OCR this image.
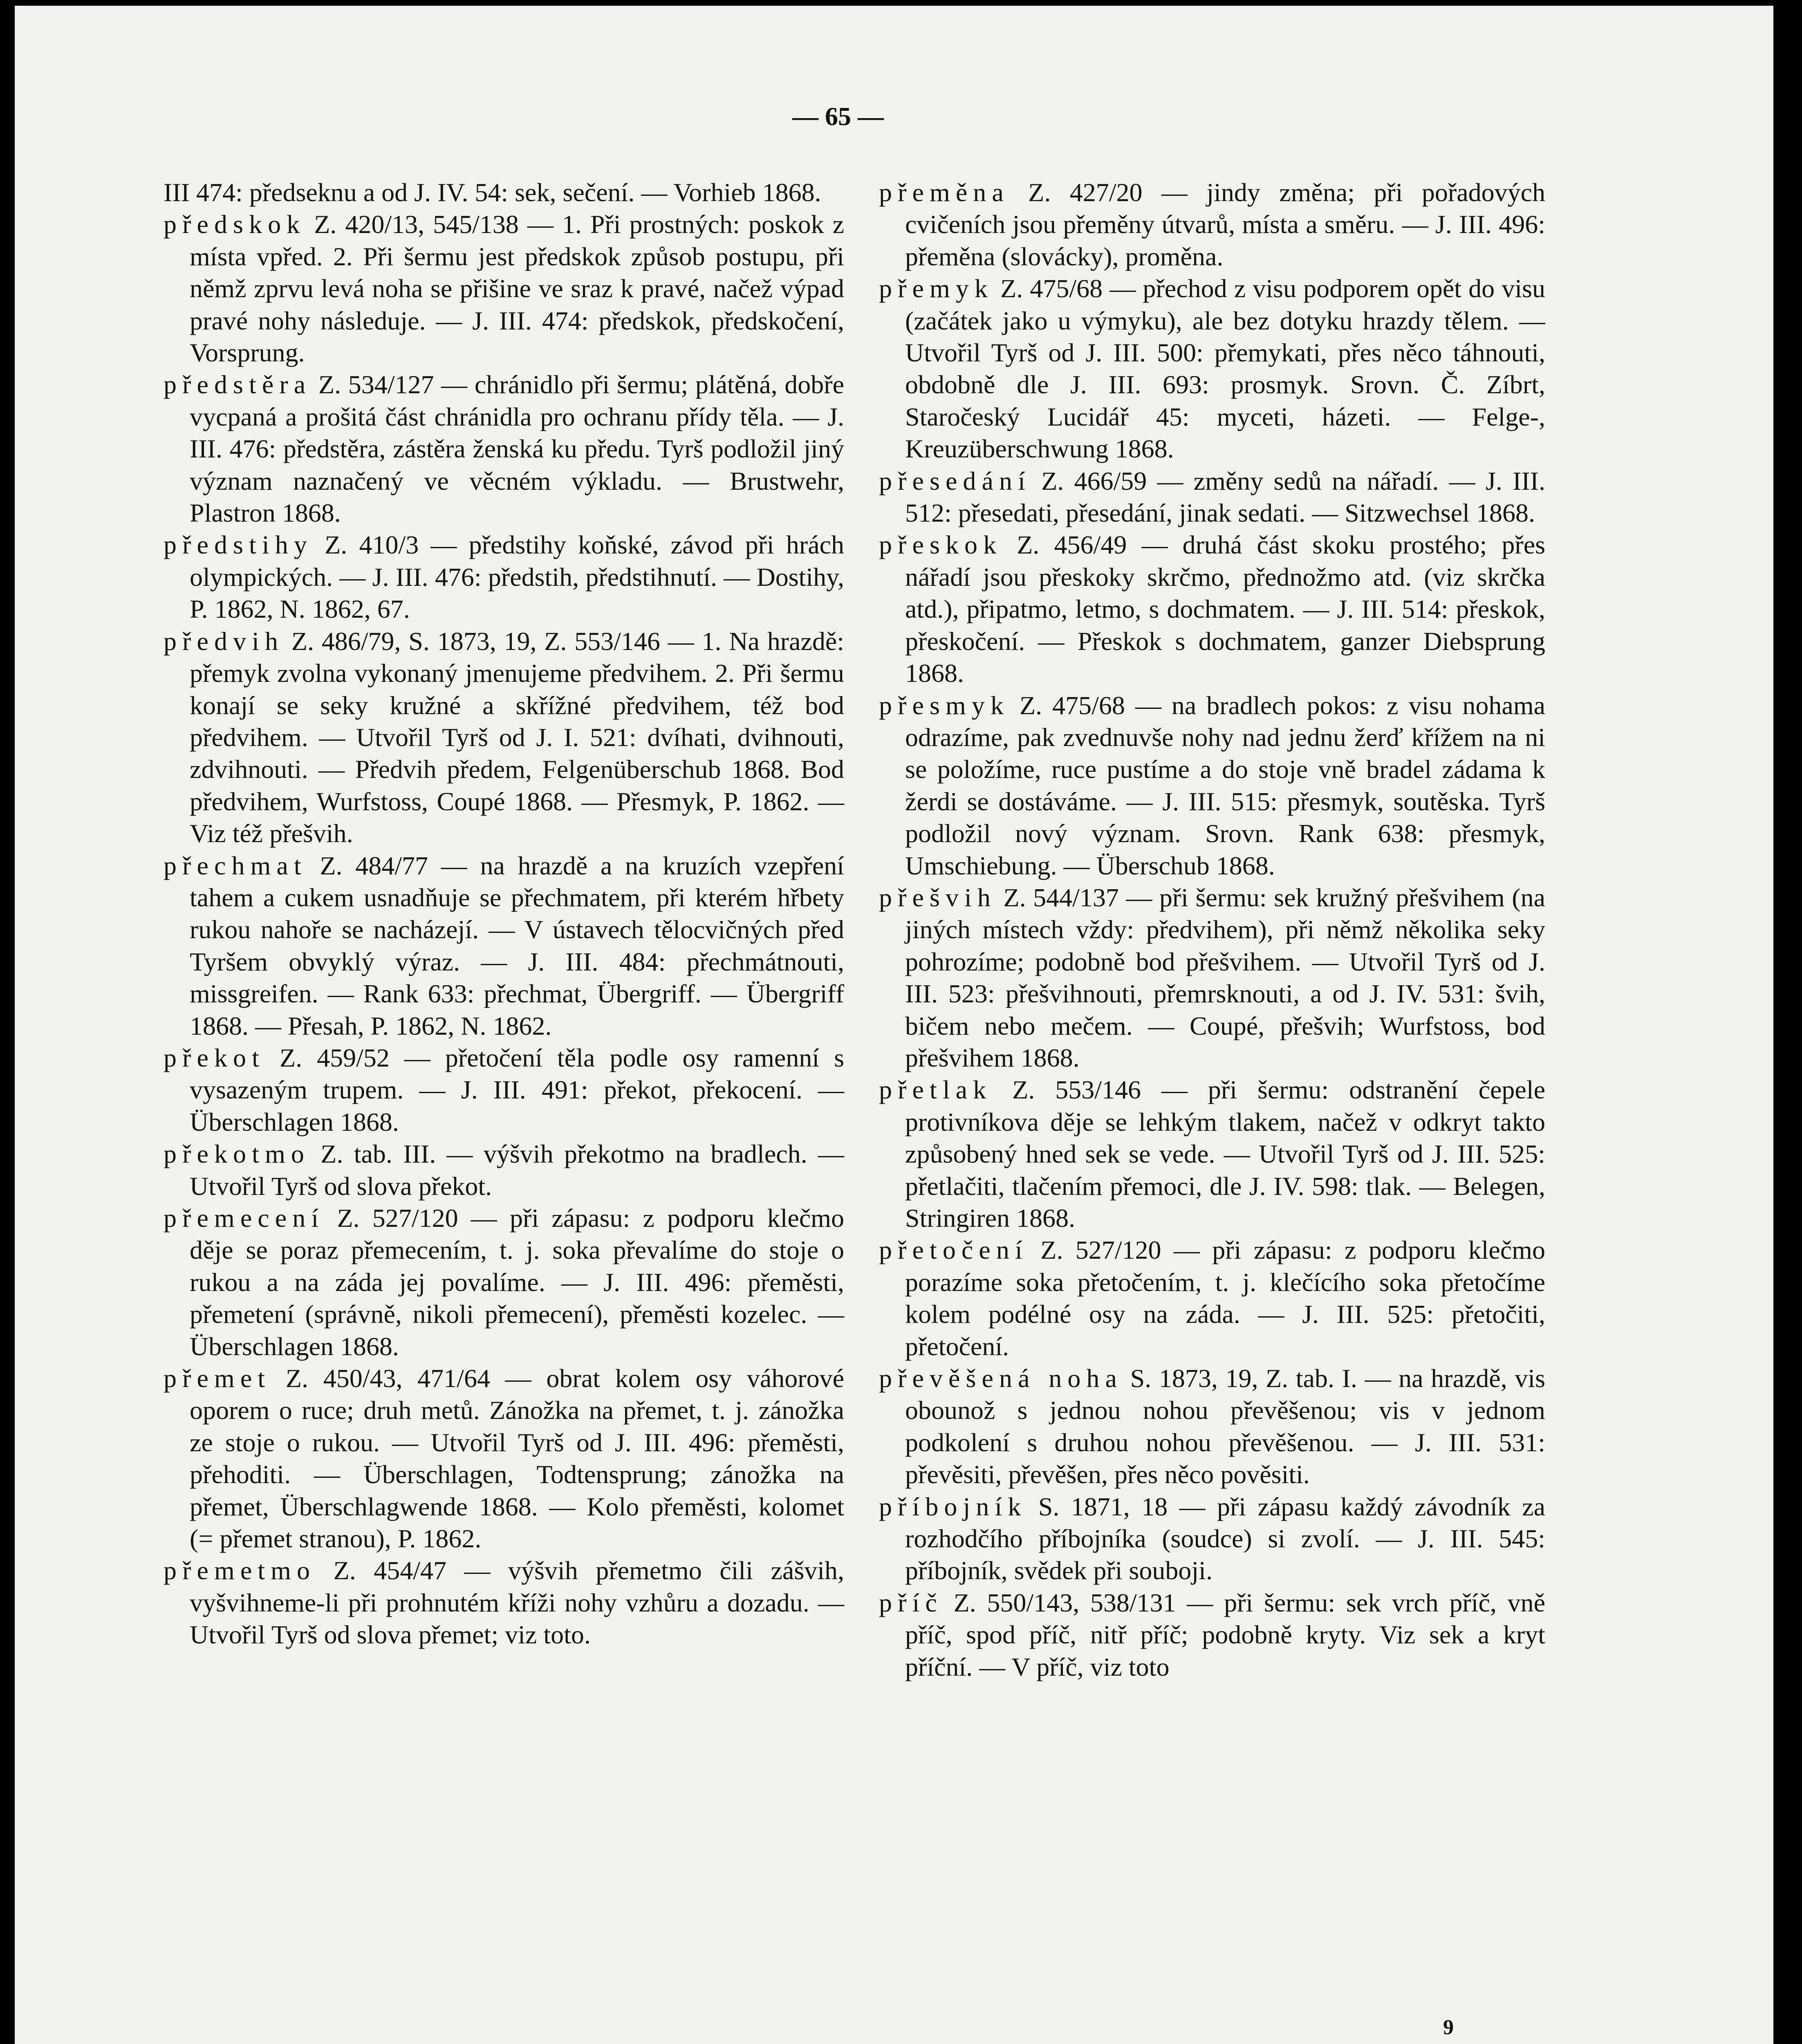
— 65 —

III 474: předseknu a od J. IV. 54: sek, sečení. — Vorhieb 1868.

předskok Z. 420/13, 545/138 — 1. Při prostných: poskok z místa vpřed. 2. Při šermu jest předskok způsob postupu, při němž zprvu levá noha se přišine ve sraz k pravé, načež výpad pravé nohy následuje. — J. III. 474: předskok, předskočení, Vorsprung.

předstěra Z. 534/127 — chránidlo při šermu; plátěná, dobře vycpaná a prošitá část chránidla pro ochranu přídy těla. — J. III. 476: předstěra, zástěra ženská ku předu. Tyrš podložil jiný význam naznačený ve věcném výkladu. — Brustwehr, Plastron 1868.

předstihy Z. 410/3 — předstihy koňské, závod při hrách olympických. — J. III. 476: předstih, předstihnutí. — Dostihy, P. 1862, N. 1862, 67.

předvih Z. 486/79, S. 1873, 19, Z. 553/146 — 1. Na hrazdě: přemyk zvolna vykonaný jmenujeme předvihem. 2. Při šermu konají se seky kružné a skřížné předvihem, též bod předvihem. — Utvořil Tyrš od J. I. 521: dvíhati, dvihnouti, zdvihnouti. — Předvih předem, Felgenüberschub 1868. Bod předvihem, Wurfstoss, Coupé 1868. — Přesmyk, P. 1862. — Viz též přešvih.

přechmat Z. 484/77 — na hrazdě a na kruzích vzepření tahem a cukem usnadňuje se přechmatem, při kterém hřbety rukou nahoře se nacházejí. — V ústavech tělocvičných před Tyršem obvyklý výraz. — J. III. 484: přechmátnouti, missgreifen. — Rank 633: přechmat, Übergriff. — Übergriff 1868. — Přesah, P. 1862, N. 1862.

překot Z. 459/52 — přetočení těla podle osy ramenní s vysazeným trupem. — J. III. 491: překot, překocení. — Überschlagen 1868.

překotmo Z. tab. III. — výšvih překotmo na bradlech. — Utvořil Tyrš od slova překot.

přemecení Z. 527/120 — při zápasu: z podporu klečmo děje se poraz přemecením, t. j. soka převalíme do stoje o rukou a na záda jej povalíme. — J. III. 496: přeměsti, přemetení (správně, nikoli přemecení), přeměsti kozelec. — Überschlagen 1868.

přemet Z. 450/43, 471/64 — obrat kolem osy váhorové oporem o ruce; druh metů. Zánožka na přemet, t. j. zánožka ze stoje o rukou. — Utvořil Tyrš od J. III. 496: přeměsti, přehoditi. — Überschlagen, Todtensprung; zánožka na přemet, Überschlagwende 1868. — Kolo přeměsti, kolomet (= přemet stranou), P. 1862.

přemetmo Z. 454/47 — výšvih přemetmo čili zášvih, vyšvihneme-li při prohnutém kříži nohy vzhůru a dozadu. — Utvořil Tyrš od slova přemet; viz toto.

přeměna Z. 427/20 — jindy změna; při pořadových cvičeních jsou přeměny útvarů, místa a směru. — J. III. 496: přeměna (slovácky), proměna.

přemyk Z. 475/68 — přechod z visu podporem opět do visu (začátek jako u výmyku), ale bez dotyku hrazdy tělem. — Utvořil Tyrš od J. III. 500: přemykati, přes něco táhnouti, obdobně dle J. III. 693: prosmyk. Srovn. Č. Zíbrt, Staročeský Lucidář 45: myceti, házeti. — Felge-, Kreuzüberschwung 1868.

přesedání Z. 466/59 — změny sedů na nářadí. — J. III. 512: přesedati, přesedání, jinak sedati. — Sitzwechsel 1868.

přeskok Z. 456/49 — druhá část skoku prostého; přes nářadí jsou přeskoky skrčmo, přednožmo atd. (viz skrčka atd.), připatmo, letmo, s dochmatem. — J. III. 514: přeskok, přeskočení. — Přeskok s dochmatem, ganzer Diebsprung 1868.

přesmyk Z. 475/68 — na bradlech pokos: z visu nohama odrazíme, pak zvednuvše nohy nad jednu žerď křížem na ni se položíme, ruce pustíme a do stoje vně bradel zádama k žerdi se dostáváme. — J. III. 515: přesmyk, soutěska. Tyrš podložil nový význam. Srovn. Rank 638: přesmyk, Umschiebung. — Überschub 1868.

přešvih Z. 544/137 — při šermu: sek kružný přešvihem (na jiných místech vždy: předvihem), při němž několika seky pohrozíme; podobně bod přešvihem. — Utvořil Tyrš od J. III. 523: přešvihnouti, přemrsknouti, a od J. IV. 531: švih, bičem nebo mečem. — Coupé, přešvih; Wurfstoss, bod přešvihem 1868.

přetlak Z. 553/146 — při šermu: odstranění čepele protivníkova děje se lehkým tlakem, načež v odkryt takto způsobený hned sek se vede. — Utvořil Tyrš od J. III. 525: přetlačiti, tlačením přemoci, dle J. IV. 598: tlak. — Belegen, Stringiren 1868.

přetočení Z. 527/120 — při zápasu: z podporu klečmo porazíme soka přetočením, t. j. klečícího soka přetočíme kolem podélné osy na záda. — J. III. 525: přetočiti, přetočení.

převěšená noha S. 1873, 19, Z. tab. I. — na hrazdě, vis obounož s jednou nohou převěšenou; vis v jednom podkolení s druhou nohou převěšenou. — J. III. 531: převěsiti, převěšen, přes něco pověsiti.

příbojník S. 1871, 18 — při zápasu každý závodník za rozhodčího příbojníka (soudce) si zvolí. — J. III. 545: příbojník, svědek při souboji.

příč Z. 550/143, 538/131 — při šermu: sek vrch příč, vně příč, spod příč, nitř příč; podobně kryty. Viz sek a kryt příční. — V příč, viz toto

9
